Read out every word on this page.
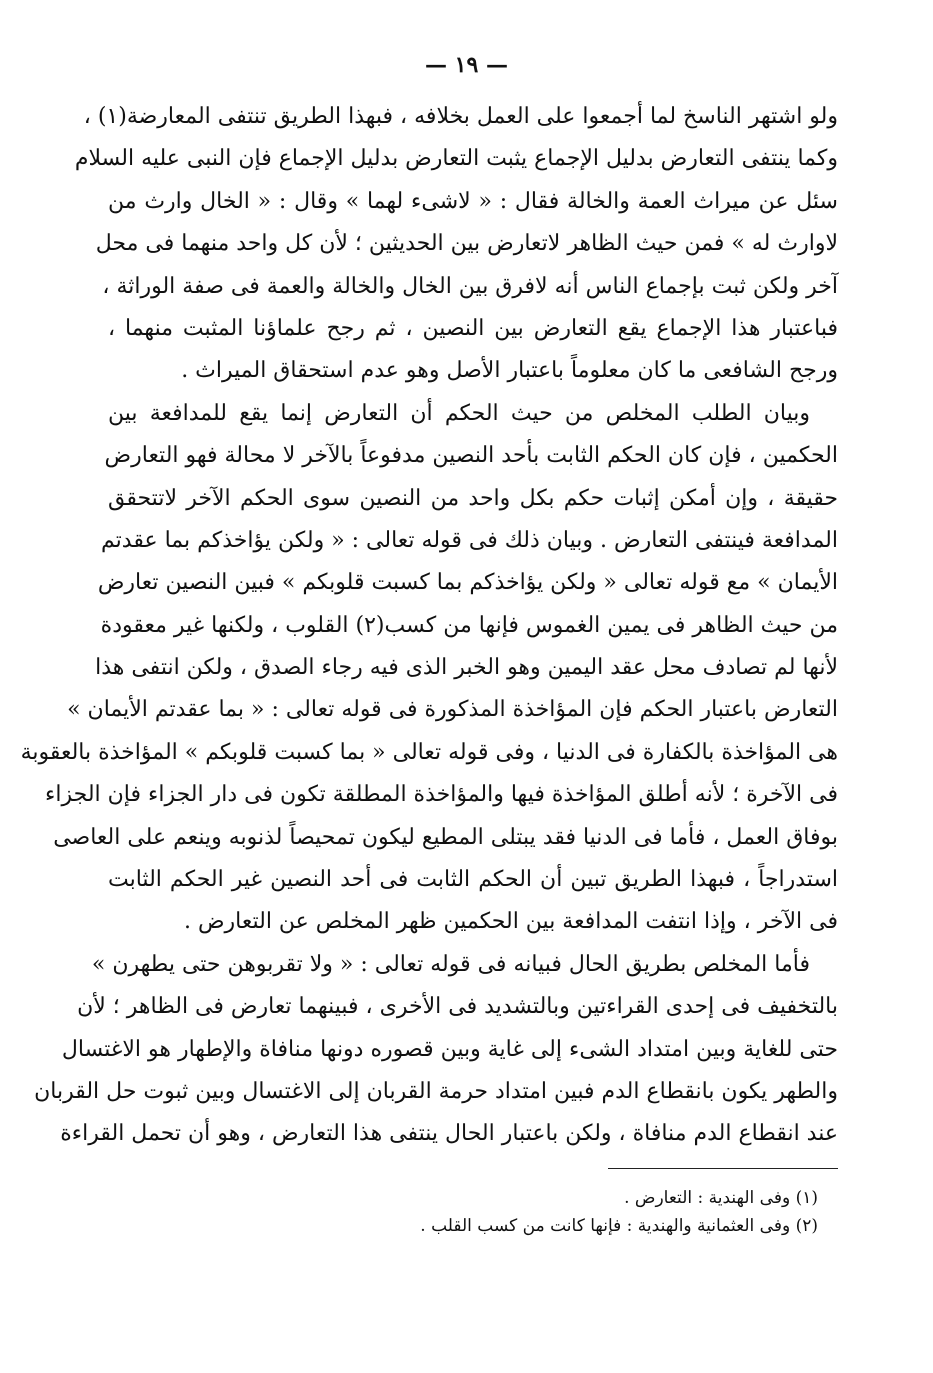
— ١٩ —
ولو اشتهر الناسخ لما أجمعوا على العمل بخلافه ، فبهذا الطريق تنتفى المعارضة(١) ،
وكما ينتفى التعارض بدليل الإجماع يثبت التعارض بدليل الإجماع فإن النبى عليه السلام
سئل عن ميراث العمة والخالة فقال : « لاشىء لهما » وقال : « الخال وارث من
لاوارث له » فمن حيث الظاهر لاتعارض بين الحديثين ؛ لأن كل واحد منهما فى محل
آخر ولكن ثبت بإجماع الناس أنه لافرق بين الخال والخالة والعمة فى صفة الوراثة ،
فباعتبار هذا الإجماع يقع التعارض بين النصين ، ثم رجح علماؤنا المثبت منهما ،
ورجح الشافعى ما كان معلوماً باعتبار الأصل وهو عدم استحقاق الميراث .
وبيان الطلب المخلص من حيث الحكم أن التعارض إنما يقع للمدافعة بين
الحكمين ، فإن كان الحكم الثابت بأحد النصين مدفوعاً بالآخر لا محالة فهو التعارض
حقيقة ، وإن أمكن إثبات حكم بكل واحد من النصين سوى الحكم الآخر لاتتحقق
المدافعة فينتفى التعارض . وبيان ذلك فى قوله تعالى : « ولكن يؤاخذكم بما عقدتم
الأيمان » مع قوله تعالى « ولكن يؤاخذكم بما كسبت قلوبكم » فبين النصين تعارض
من حيث الظاهر فى يمين الغموس فإنها من كسب(٢) القلوب ، ولكنها غير معقودة
لأنها لم تصادف محل عقد اليمين وهو الخبر الذى فيه رجاء الصدق ، ولكن انتفى هذا
التعارض باعتبار الحكم فإن المؤاخذة المذكورة فى قوله تعالى : « بما عقدتم الأيمان »
هى المؤاخذة بالكفارة فى الدنيا ، وفى قوله تعالى « بما كسبت قلوبكم » المؤاخذة بالعقوبة
فى الآخرة ؛ لأنه أطلق المؤاخذة فيها والمؤاخذة المطلقة تكون فى دار الجزاء فإن الجزاء
بوفاق العمل ، فأما فى الدنيا فقد يبتلى المطيع ليكون تمحيصاً لذنوبه وينعم على العاصى
استدراجاً ، فبهذا الطريق تبين أن الحكم الثابت فى أحد النصين غير الحكم الثابت
فى الآخر ، وإذا انتفت المدافعة بين الحكمين ظهر المخلص عن التعارض .
فأما المخلص بطريق الحال فبيانه فى قوله تعالى : « ولا تقربوهن حتى يطهرن »
بالتخفيف فى إحدى القراءتين وبالتشديد فى الأخرى ، فبينهما تعارض فى الظاهر ؛ لأن
حتى للغاية وبين امتداد الشىء إلى غاية وبين قصوره دونها منافاة والإطهار هو الاغتسال
والطهر يكون بانقطاع الدم فبين امتداد حرمة القربان إلى الاغتسال وبين ثبوت حل القربان
عند انقطاع الدم منافاة ، ولكن باعتبار الحال ينتفى هذا التعارض ، وهو أن تحمل القراءة
(١) وفى الهندية : التعارض .
(٢) وفى العثمانية والهندية : فإنها كانت من كسب القلب .
